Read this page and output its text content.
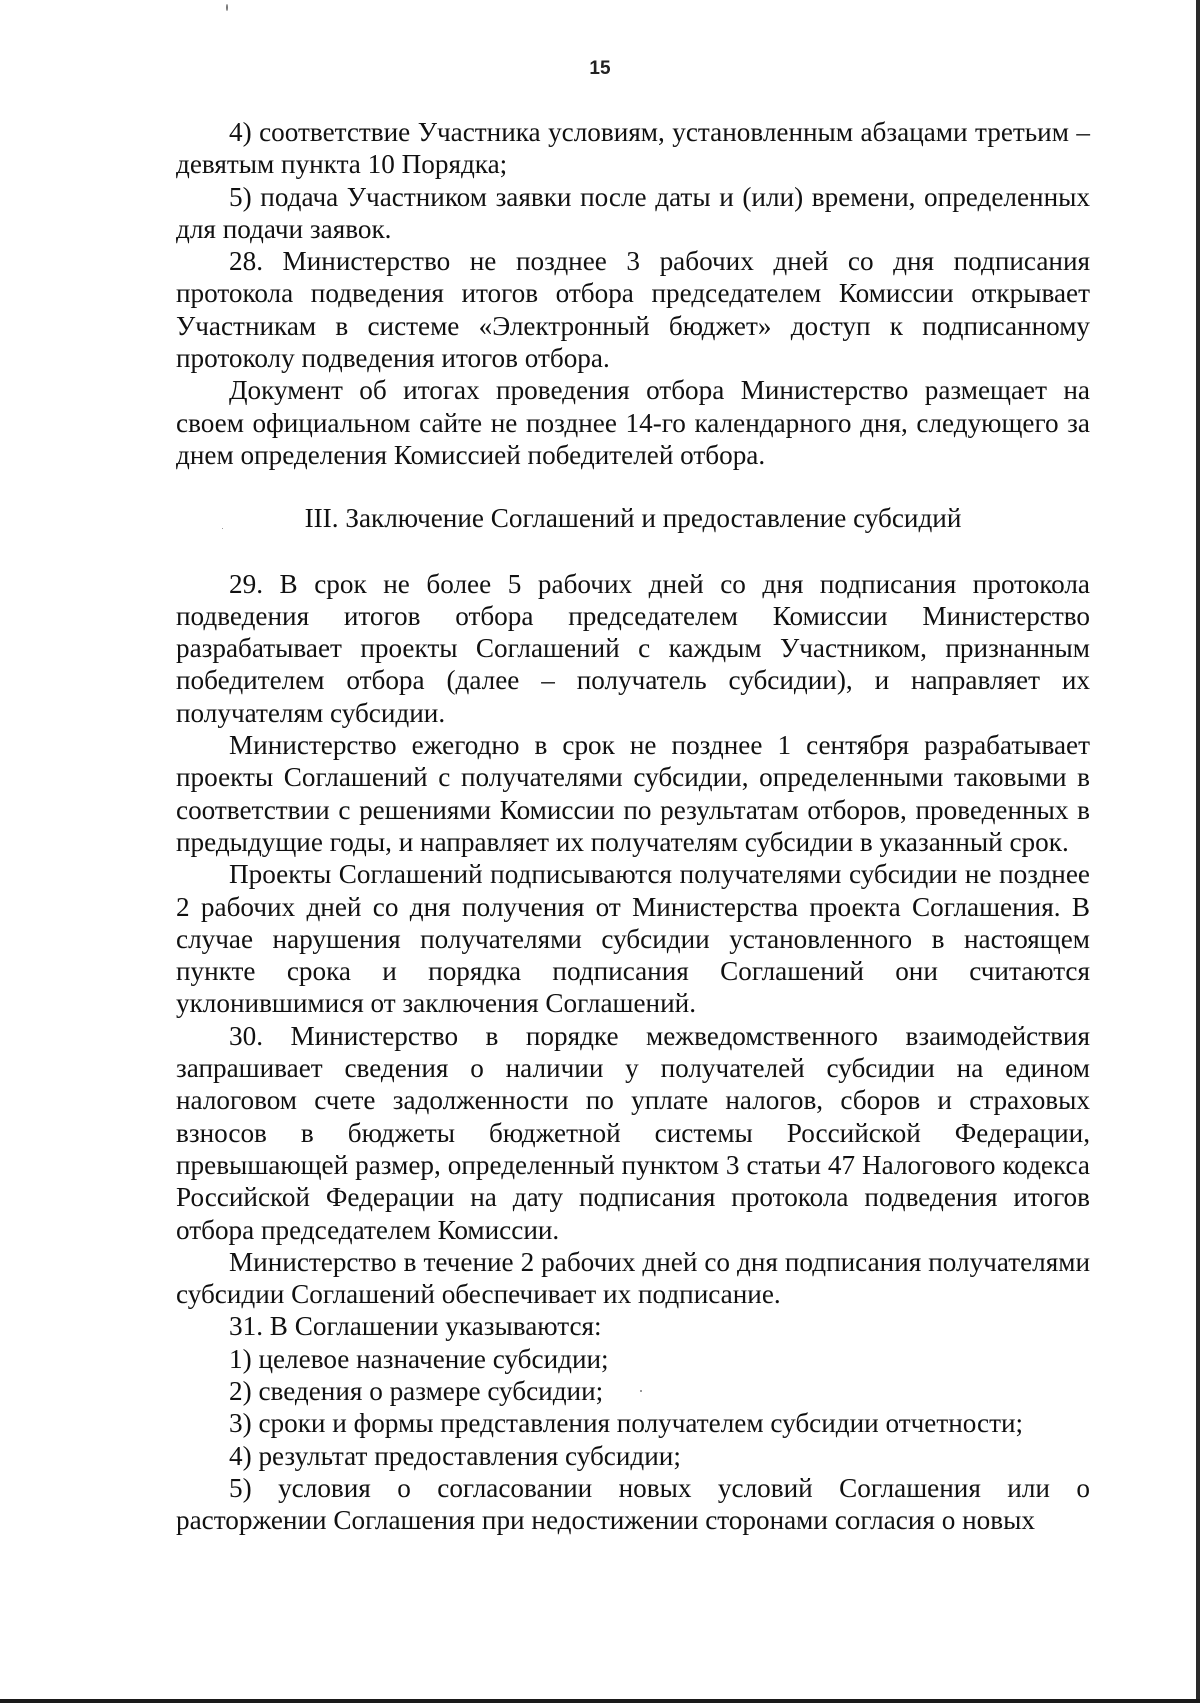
15

4) соответствие Участника условиям, установленным абзацами третьим – девятым пункта 10 Порядка;

5) подача Участником заявки после даты и (или) времени, определенных для подачи заявок.

28. Министерство не позднее 3 рабочих дней со дня подписания протокола подведения итогов отбора председателем Комиссии открывает Участникам в системе «Электронный бюджет» доступ к подписанному протоколу подведения итогов отбора.

Документ об итогах проведения отбора Министерство размещает на своем официальном сайте не позднее 14-го календарного дня, следующего за днем определения Комиссией победителей отбора.

III. Заключение Соглашений и предоставление субсидий

29. В срок не более 5 рабочих дней со дня подписания протокола подведения итогов отбора председателем Комиссии Министерство разрабатывает проекты Соглашений с каждым Участником, признанным победителем отбора (далее – получатель субсидии), и направляет их получателям субсидии.

Министерство ежегодно в срок не позднее 1 сентября разрабатывает проекты Соглашений с получателями субсидии, определенными таковыми в соответствии с решениями Комиссии по результатам отборов, проведенных в предыдущие годы, и направляет их получателям субсидии в указанный срок.

Проекты Соглашений подписываются получателями субсидии не позднее 2 рабочих дней со дня получения от Министерства проекта Соглашения. В случае нарушения получателями субсидии установленного в настоящем пункте срока и порядка подписания Соглашений они считаются уклонившимися от заключения Соглашений.

30. Министерство в порядке межведомственного взаимодействия запрашивает сведения о наличии у получателей субсидии на едином налоговом счете задолженности по уплате налогов, сборов и страховых взносов в бюджеты бюджетной системы Российской Федерации, превышающей размер, определенный пунктом 3 статьи 47 Налогового кодекса Российской Федерации на дату подписания протокола подведения итогов отбора председателем Комиссии.

Министерство в течение 2 рабочих дней со дня подписания получателями субсидии Соглашений обеспечивает их подписание.

31. В Соглашении указываются:

1) целевое назначение субсидии;

2) сведения о размере субсидии;

3) сроки и формы представления получателем субсидии отчетности;

4) результат предоставления субсидии;

5) условия о согласовании новых условий Соглашения или о расторжении Соглашения при недостижении сторонами согласия о новых
